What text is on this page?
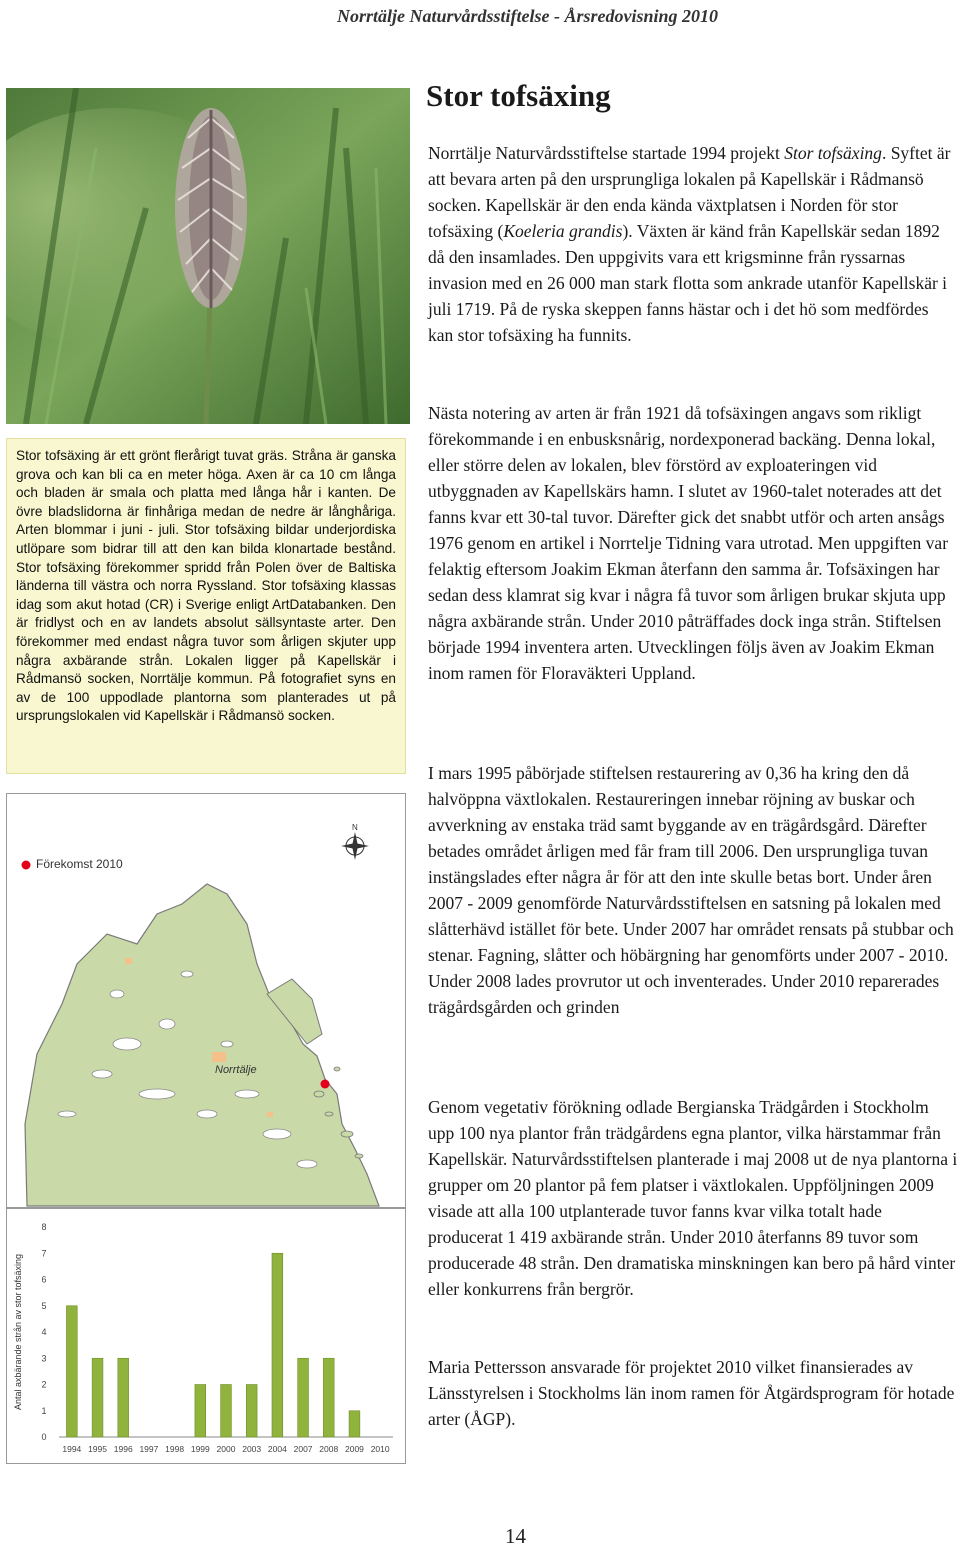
Norrtälje Naturvårdsstiftelse - Årsredovisning 2010

Stor tofsäxing är ett grönt flerårigt tuvat gräs. Stråna är ganska grova och kan bli ca en meter höga. Axen är ca 10 cm långa och bladen är smala och platta med långa hår i kanten. De övre bladslidorna är finhåriga medan de nedre är långhåriga. Arten blommar i juni - juli. Stor tofsäxing bildar underjordiska utlöpare som bidrar till att den kan bilda klonartade bestånd. Stor tofsäxing förekommer spridd från Polen över de Baltiska länderna till västra och norra Ryssland. Stor tofsäxing klassas idag som akut hotad (CR) i Sverige enligt ArtDatabanken. Den är fridlyst och en av landets absolut sällsyntaste arter. Den förekommer med endast några tuvor som årligen skjuter upp några axbärande strån. Lokalen ligger på Kapellskär i Rådmansö socken, Norrtälje kommun. På fotografiet syns en av de 100 uppodlade plantorna som planterades ut på ursprungslokalen vid Kapellskär i Rådmansö socken.

N
Förekomst 2010
Norrtälje
0
1
2
3
4
5
6
7
8
Antal axbärande strån av stor tofsäxing
1994 1995 1996 1997 1998 1999 2000 2003 2004 2007 2008 2009 2010
Stor tofsäxing

Norrtälje Naturvårdsstiftelse startade 1994 projekt Stor tofsäxing. Syftet är att bevara arten på den ursprungliga lokalen på Kapellskär i Rådmansö socken. Kapellskär är den enda kända växtplatsen i Norden för stor tofsäxing (Koeleria grandis). Växten är känd från Kapellskär sedan 1892 då den insamlades. Den uppgivits vara ett krigsminne från ryssarnas invasion med en 26 000 man stark flotta som ankrade utanför Kapellskär i juli 1719. På de ryska skeppen fanns hästar och i det hö som medfördes kan stor tofsäxing ha funnits.

Nästa notering av arten är från 1921 då tofsäxingen angavs som rikligt förekommande i en enbusksnårig, nordexponerad backäng. Denna lokal, eller större delen av lokalen, blev förstörd av exploateringen vid utbyggnaden av Kapellskärs hamn. I slutet av 1960-talet noterades att det fanns kvar ett 30-tal tuvor. Därefter gick det snabbt utför och arten ansågs 1976 genom en artikel i Norrtelje Tidning vara utrotad. Men uppgiften var felaktig eftersom Joakim Ekman återfann den samma år. Tofsäxingen har sedan dess klamrat sig kvar i några få tuvor som årligen brukar skjuta upp några axbärande strån. Under 2010 påträffades dock inga strån. Stiftelsen började 1994 inventera arten. Utvecklingen följs även av Joakim Ekman inom ramen för Floraväkteri Uppland.

I mars 1995 påbörjade stiftelsen restaurering av 0,36 ha kring den då halvöppna växtlokalen. Restaureringen innebar röjning av buskar och avverkning av enstaka träd samt byggande av en trägårdsgård. Därefter betades området årligen med får fram till 2006. Den ursprungliga tuvan instängslades efter några år för att den inte skulle betas bort. Under åren 2007 - 2009 genomförde Naturvårdsstiftelsen en satsning på lokalen med slåtterhävd istället för bete. Under 2007 har området rensats på stubbar och stenar. Fagning, slåtter och höbärgning har genomförts under 2007 - 2010. Under 2008 lades provrutor ut och inventerades. Under 2010 reparerades trägårdsgården och grinden

Genom vegetativ förökning odlade Bergianska Trädgården i Stockholm upp 100 nya plantor från trädgårdens egna plantor, vilka härstammar från Kapellskär. Naturvårdsstiftelsen planterade i maj 2008 ut de nya plantorna i grupper om 20 plantor på fem platser i växtlokalen. Uppföljningen 2009 visade att alla 100 utplanterade tuvor fanns kvar vilka totalt hade producerat 1 419 axbärande strån. Under 2010 återfanns 89 tuvor som producerade 48 strån. Den dramatiska minskningen kan bero på hård vinter eller konkurrens från bergrör.

Maria Pettersson ansvarade för projektet 2010 vilket finansierades av Länsstyrelsen i Stockholms län inom ramen för Åtgärdsprogram för hotade arter (ÅGP).

14
